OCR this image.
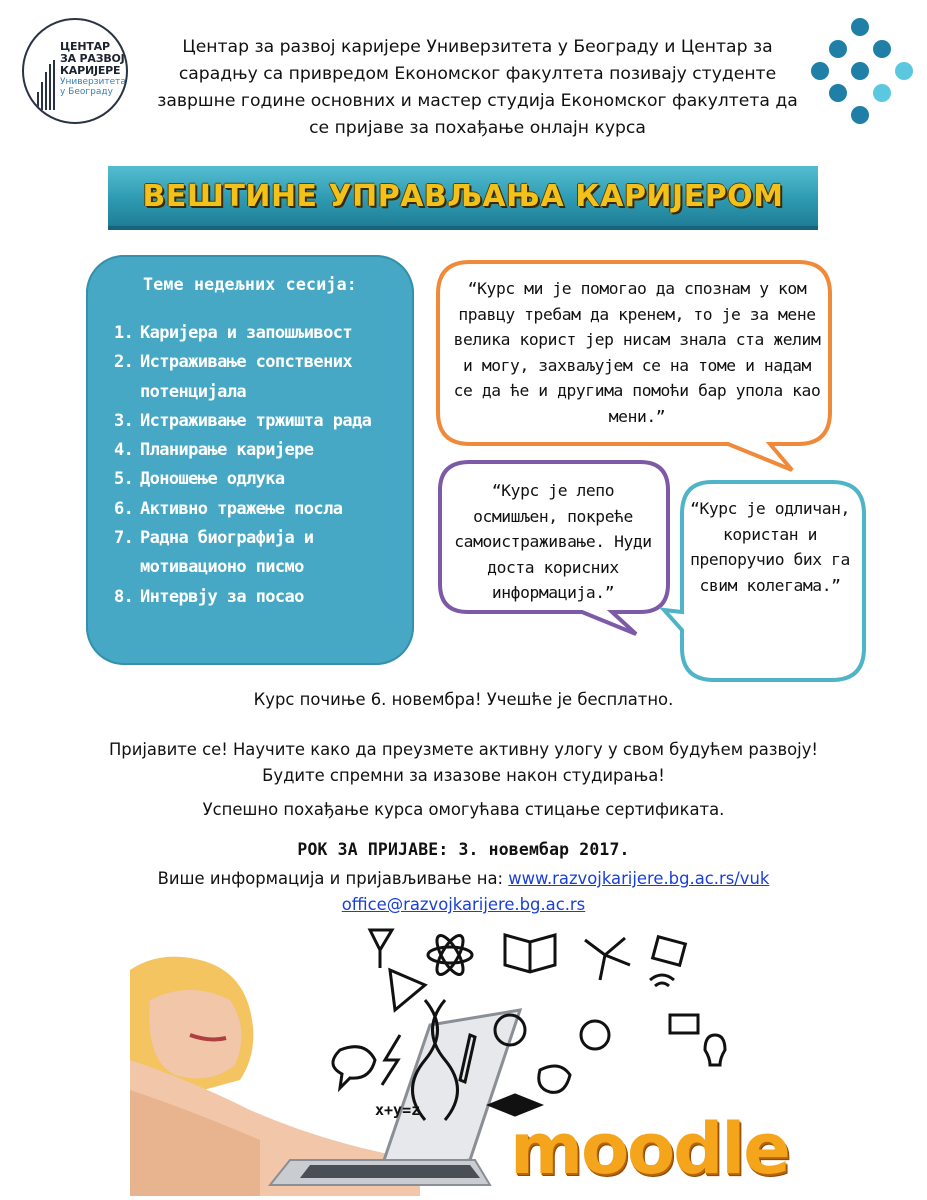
ЦЕНТАР
ЗА РАЗВОЈ
КАРИЈЕРЕ
Универзитета
у Београду
Центар за развој каријере Универзитета у Београду и Центар за сарадњу са привредом Економског факултета позивају студенте завршне године основних и мастер студија Економског факултета да се пријаве за похађање онлајн курса
ВЕШТИНЕ УПРАВЉАЊА КАРИЈЕРОМ
Теме недељних сесија:
1. Каријера и запошљивост
2. Истраживање сопствених потенцијала
3. Истраживање тржишта рада
4. Планирање каријере
5. Доношење одлука
6. Активно тражење посла
7. Радна биографија и мотивационо писмо
8. Интервју за посао
“Курс ми је помогао да спознам у ком правцу требам да кренем, то је за мене велика корист јер нисам знала ста желим и могу, захваљујем се на томе и надам се да ће и другима помоћи бар упола као мени.”
“Курс је лепо осмишљен, покреће самоистраживање. Нуди доста корисних информација.”
“Курс је одличан, користан и препоручио бих га свим колегама.”
Курс почиње 6. новембра! Учешће је бесплатно.
Пријавите се! Научите како да преузмете активну улогу у свом будућем развоју!
Будите спремни за изазове након студирања!
Успешно похађање курса омогућава стицање сертификата.
РОК ЗА ПРИЈАВЕ: 3. новембар 2017.
Више информација и пријављивање на: www.razvojkarijere.bg.ac.rs/vuk
office@razvojkarijere.bg.ac.rs
x+y=z moodle
